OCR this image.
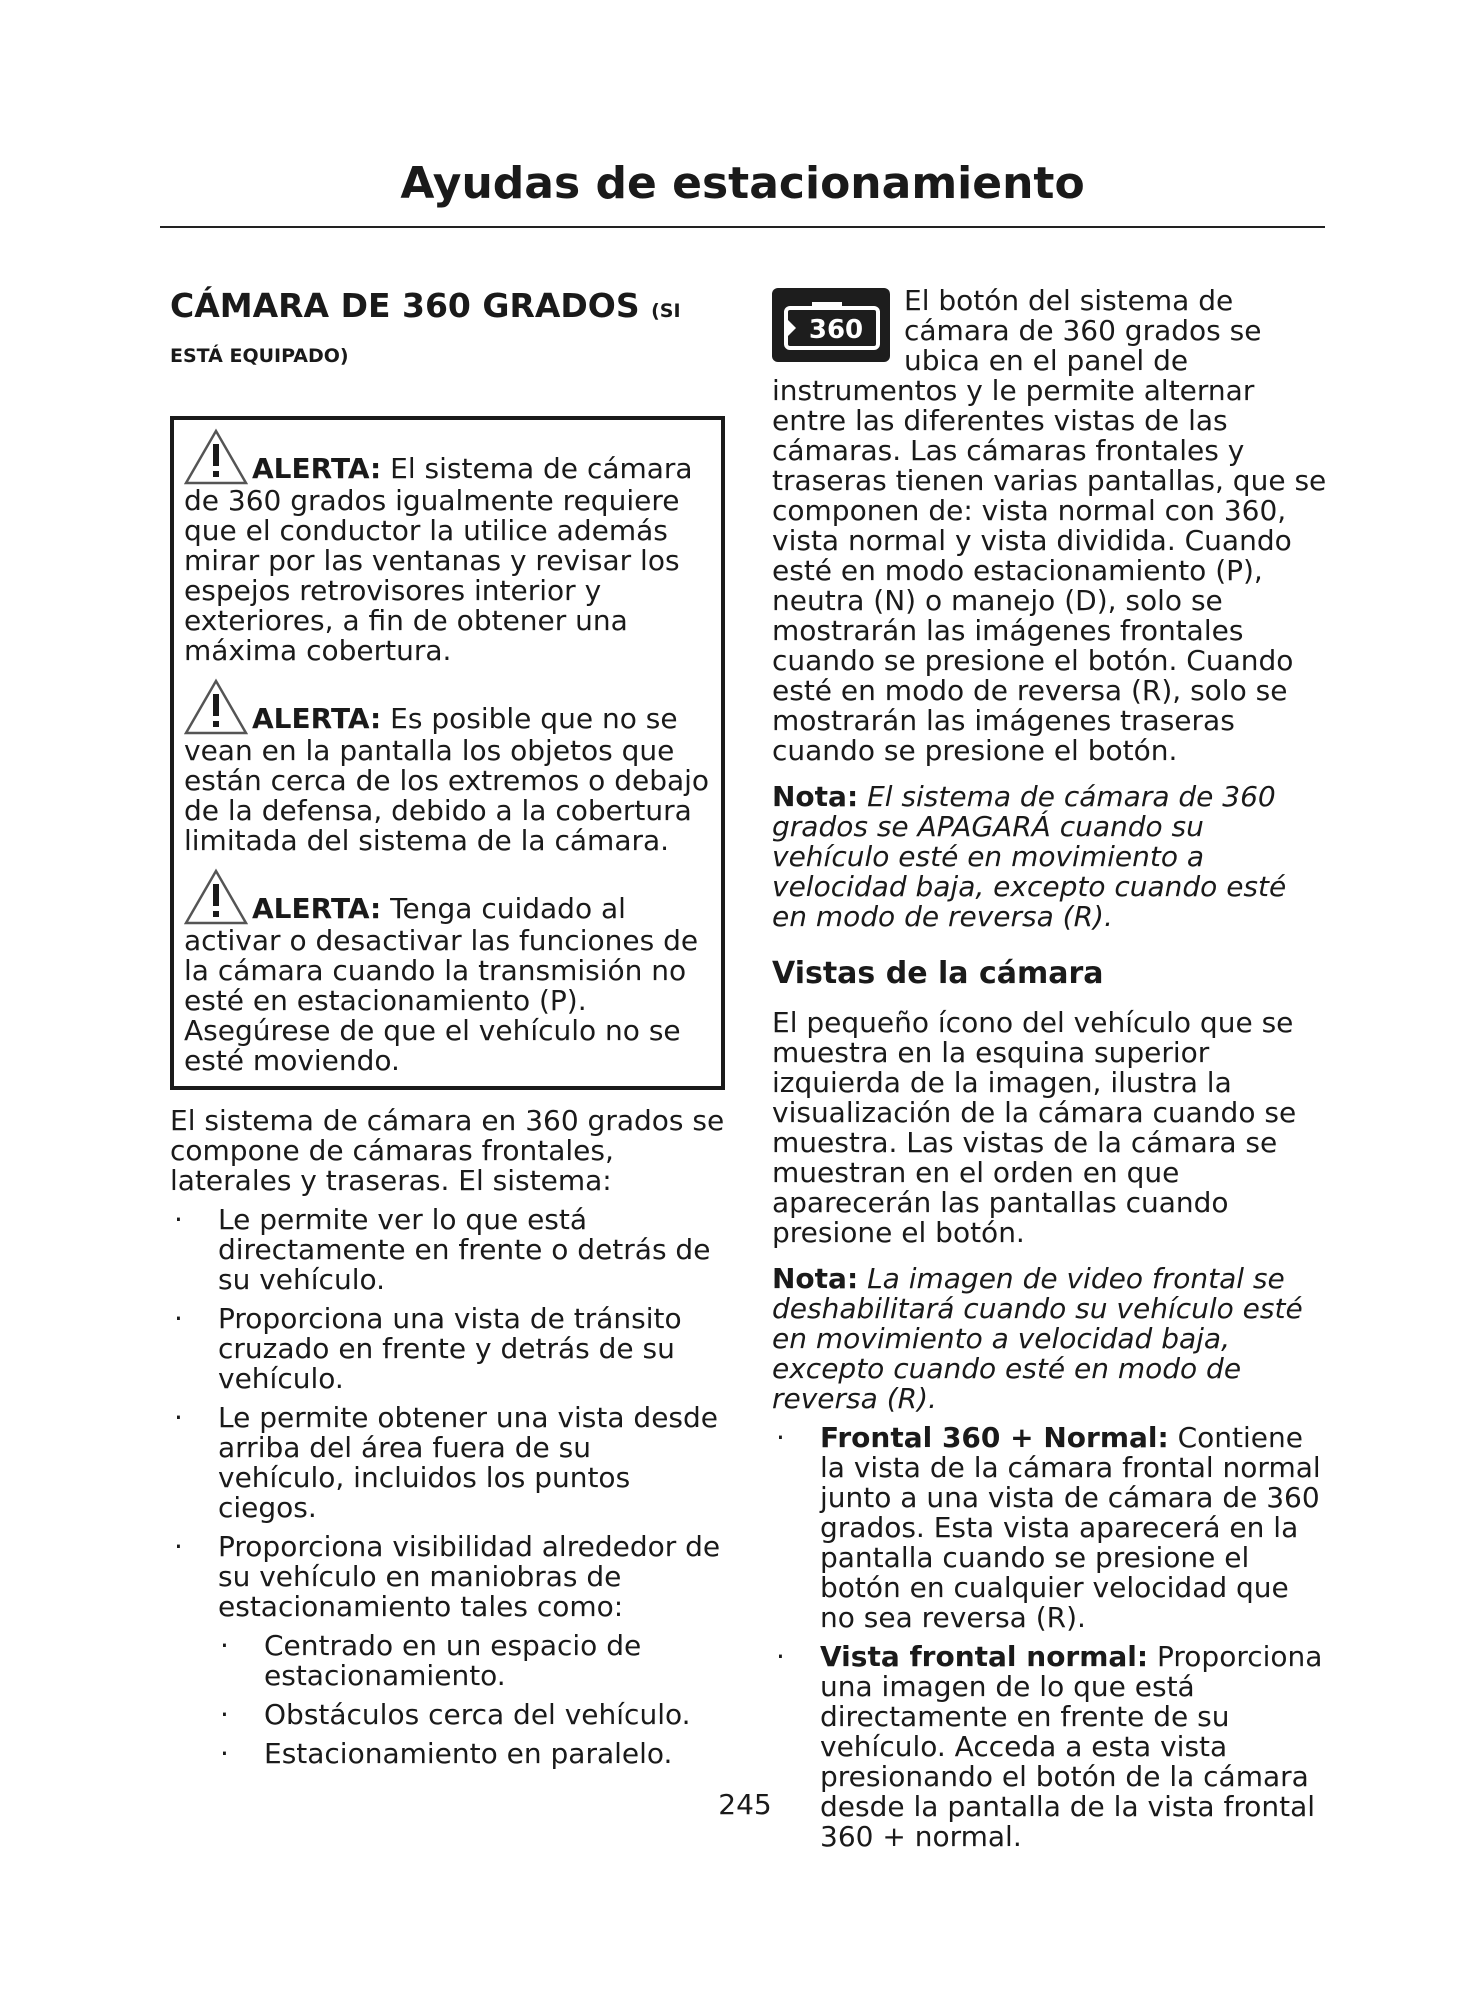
Ayudas de estacionamiento
CÁMARA DE 360 GRADOS (SI
ESTÁ EQUIPADO)

ALERTA: El sistema de cámara de 360 grados igualmente requiere que el conductor la utilice además mirar por las ventanas y revisar los espejos retrovisores interior y exteriores, a fin de obtener una máxima cobertura.

ALERTA: Es posible que no se vean en la pantalla los objetos que están cerca de los extremos o debajo de la defensa, debido a la cobertura limitada del sistema de la cámara.

ALERTA: Tenga cuidado al activar o desactivar las funciones de la cámara cuando la transmisión no esté en estacionamiento (P). Asegúrese de que el vehículo no se esté moviendo.

El sistema de cámara en 360 grados se compone de cámaras frontales, laterales y traseras. El sistema:

· Le permite ver lo que está directamente en frente o detrás de su vehículo.
· Proporciona una vista de tránsito cruzado en frente y detrás de su vehículo.
· Le permite obtener una vista desde arriba del área fuera de su vehículo, incluidos los puntos ciegos.
· Proporciona visibilidad alrededor de su vehículo en maniobras de estacionamiento tales como:
· Centrado en un espacio de estacionamiento.
· Obstáculos cerca del vehículo.
· Estacionamiento en paralelo.
360
El botón del sistema de cámara de 360 grados se ubica en el panel de instrumentos y le permite alternar entre las diferentes vistas de las cámaras. Las cámaras frontales y traseras tienen varias pantallas, que se componen de: vista normal con 360, vista normal y vista dividida. Cuando esté en modo estacionamiento (P), neutra (N) o manejo (D), solo se mostrarán las imágenes frontales cuando se presione el botón. Cuando esté en modo de reversa (R), solo se mostrarán las imágenes traseras cuando se presione el botón.

Nota: El sistema de cámara de 360 grados se APAGARÁ cuando su vehículo esté en movimiento a velocidad baja, excepto cuando esté en modo de reversa (R).

Vistas de la cámara

El pequeño ícono del vehículo que se muestra en la esquina superior izquierda de la imagen, ilustra la visualización de la cámara cuando se muestra. Las vistas de la cámara se muestran en el orden en que aparecerán las pantallas cuando presione el botón.

Nota: La imagen de video frontal se deshabilitará cuando su vehículo esté en movimiento a velocidad baja, excepto cuando esté en modo de reversa (R).

· Frontal 360 + Normal: Contiene la vista de la cámara frontal normal junto a una vista de cámara de 360 grados. Esta vista aparecerá en la pantalla cuando se presione el botón en cualquier velocidad que no sea reversa (R).
· Vista frontal normal: Proporciona una imagen de lo que está directamente en frente de su vehículo. Acceda a esta vista presionando el botón de la cámara desde la pantalla de la vista frontal 360 + normal.
245
